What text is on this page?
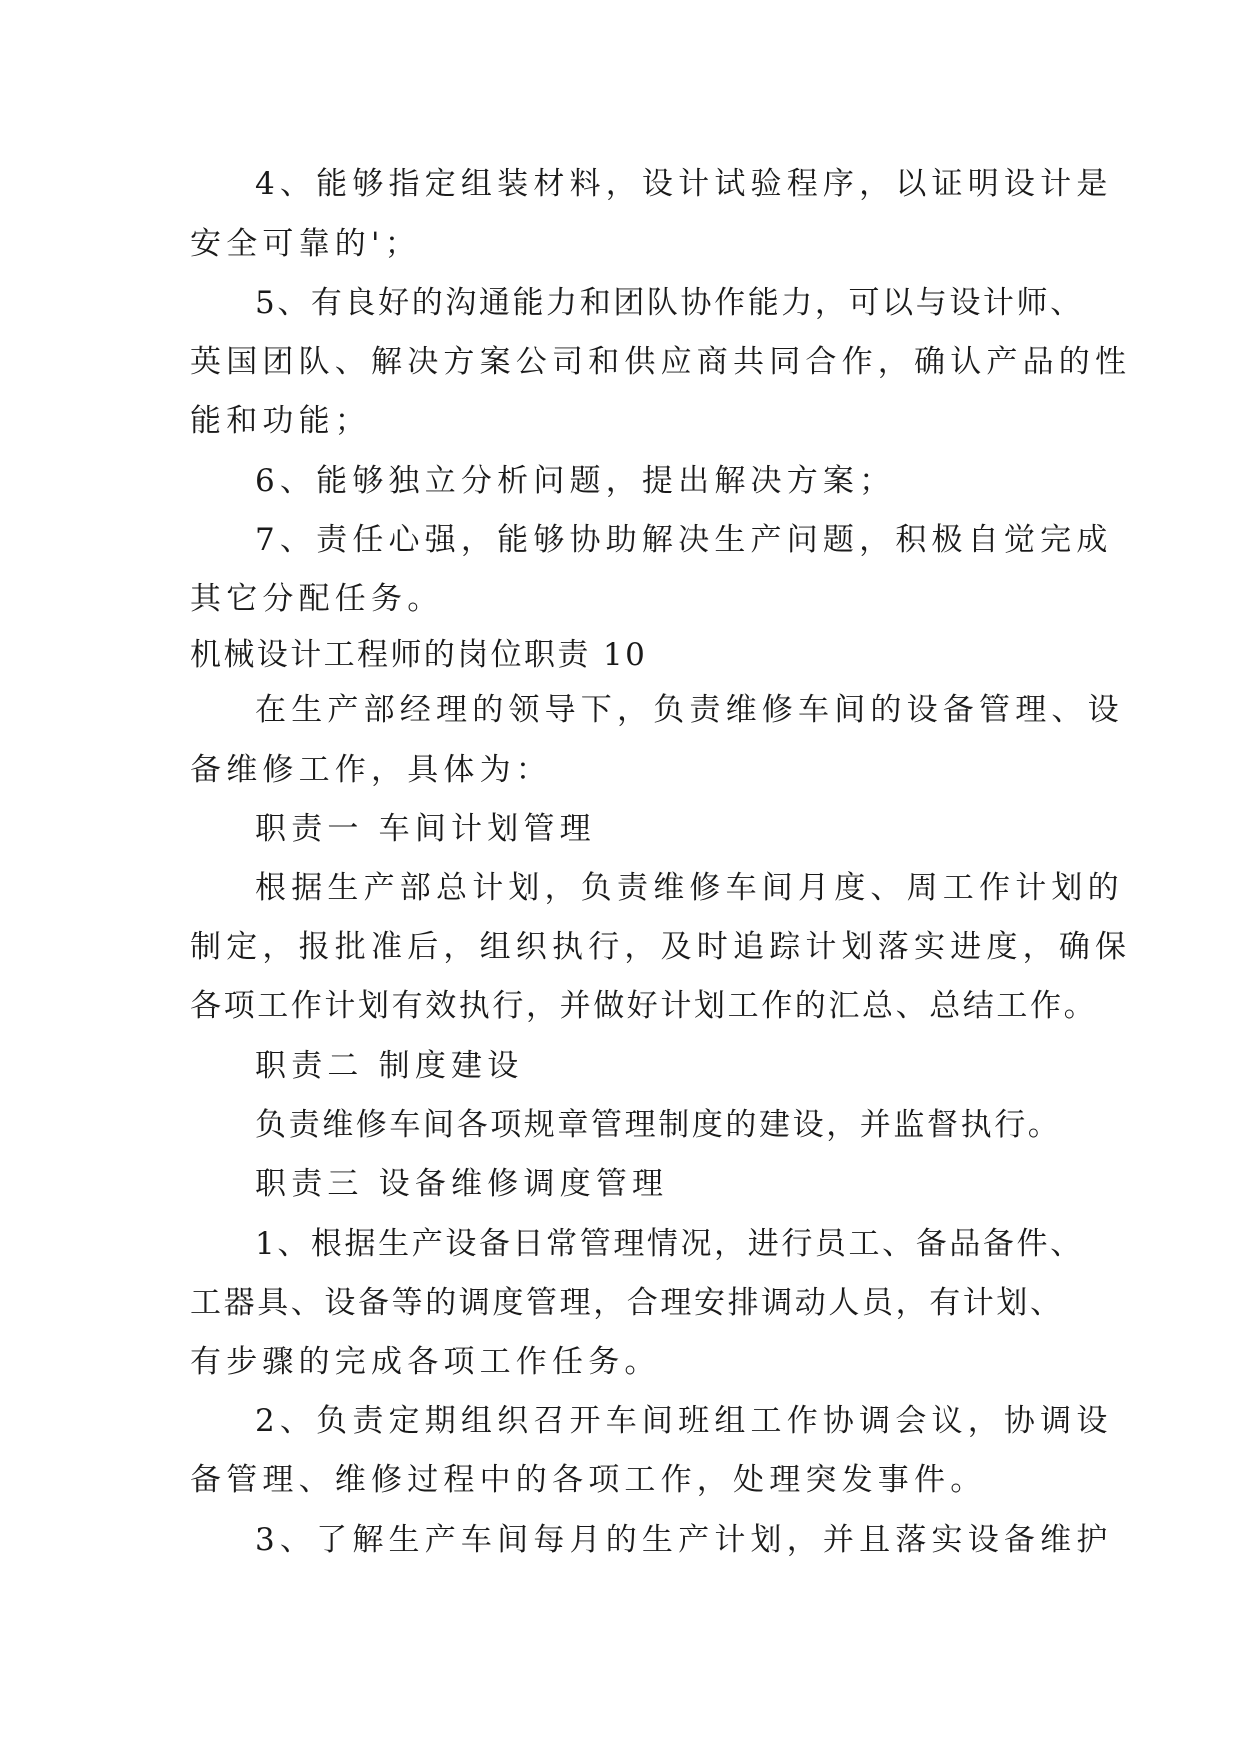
4、能够指定组装材料，设计试验程序，以证明设计是
安全可靠的'；
5、有良好的沟通能力和团队协作能力，可以与设计师、
英国团队、解决方案公司和供应商共同合作，确认产品的性
能和功能；
6、能够独立分析问题，提出解决方案；
7、责任心强，能够协助解决生产问题，积极自觉完成
其它分配任务。
机械设计工程师的岗位职责 10
在生产部经理的领导下，负责维修车间的设备管理、设
备维修工作，具体为：
职责一 车间计划管理
根据生产部总计划，负责维修车间月度、周工作计划的
制定，报批准后，组织执行，及时追踪计划落实进度，确保
各项工作计划有效执行，并做好计划工作的汇总、总结工作。
职责二 制度建设
负责维修车间各项规章管理制度的建设，并监督执行。
职责三 设备维修调度管理
1、根据生产设备日常管理情况，进行员工、备品备件、
工器具、设备等的调度管理，合理安排调动人员，有计划、
有步骤的完成各项工作任务。
2、负责定期组织召开车间班组工作协调会议，协调设
备管理、维修过程中的各项工作，处理突发事件。
3、了解生产车间每月的生产计划，并且落实设备维护
